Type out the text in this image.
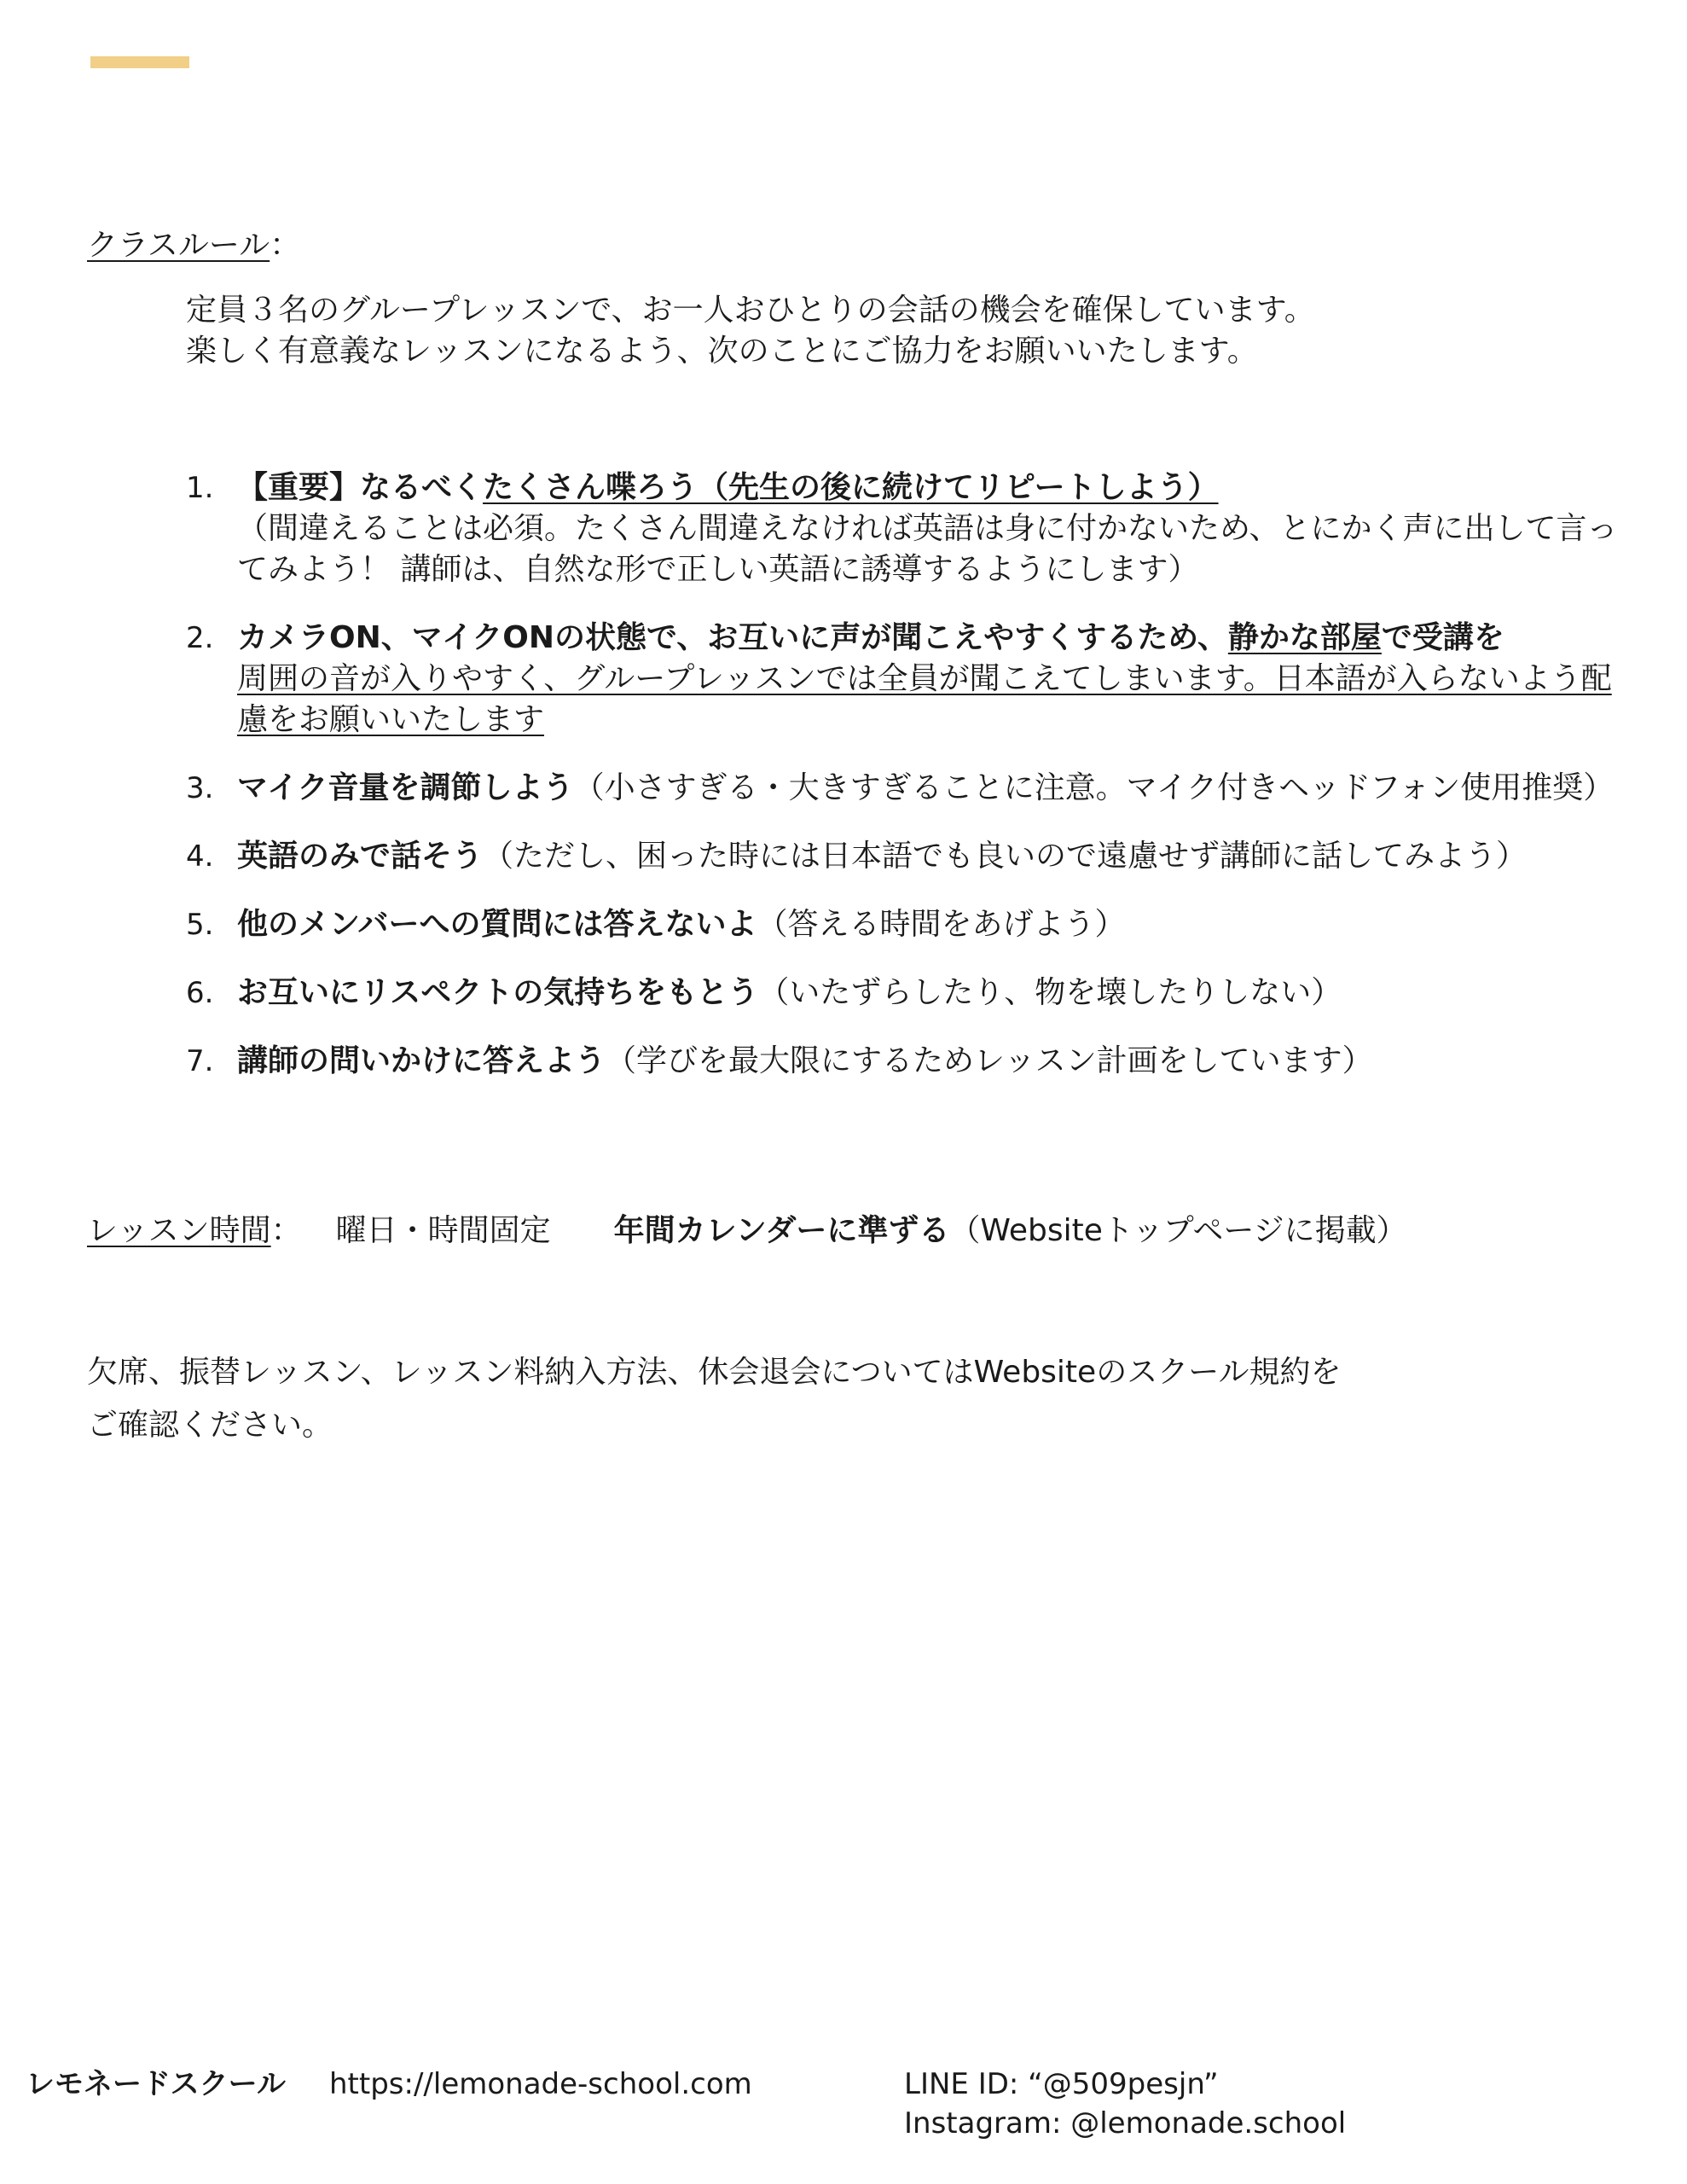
クラスルール：
定員３名のグループレッスンで、お一人おひとりの会話の機会を確保しています。
楽しく有意義なレッスンになるよう、次のことにご協力をお願いいたします。
1. 【重要】なるべくたくさん喋ろう（先生の後に続けてリピートしよう）
（間違えることは必須。たくさん間違えなければ英語は身に付かないため、とにかく声に出して言ってみよう！ 講師は、自然な形で正しい英語に誘導するようにします）
2. カメラON、マイクONの状態で、お互いに声が聞こえやすくするため、静かな部屋で受講を
周囲の音が入りやすく、グループレッスンでは全員が聞こえてしまいます。日本語が入らないよう配慮をお願いいたします
3. マイク音量を調節しよう（小さすぎる・大きすぎることに注意。マイク付きヘッドフォン使用推奨）
4. 英語のみで話そう（ただし、困った時には日本語でも良いので遠慮せず講師に話してみよう）
5. 他のメンバーへの質問には答えないよ（答える時間をあげよう）
6. お互いにリスペクトの気持ちをもとう（いたずらしたり、物を壊したりしない）
7. 講師の問いかけに答えよう（学びを最大限にするためレッスン計画をしています）
レッスン時間： 曜日・時間固定 年間カレンダーに準ずる（Websiteトップページに掲載）
欠席、振替レッスン、レッスン料納入方法、休会退会についてはWebsiteのスクール規約を
ご確認ください。
レモネードスクール https://lemonade-school.com	LINE ID: “@509pesjn”
Instagram: @lemonade.school
